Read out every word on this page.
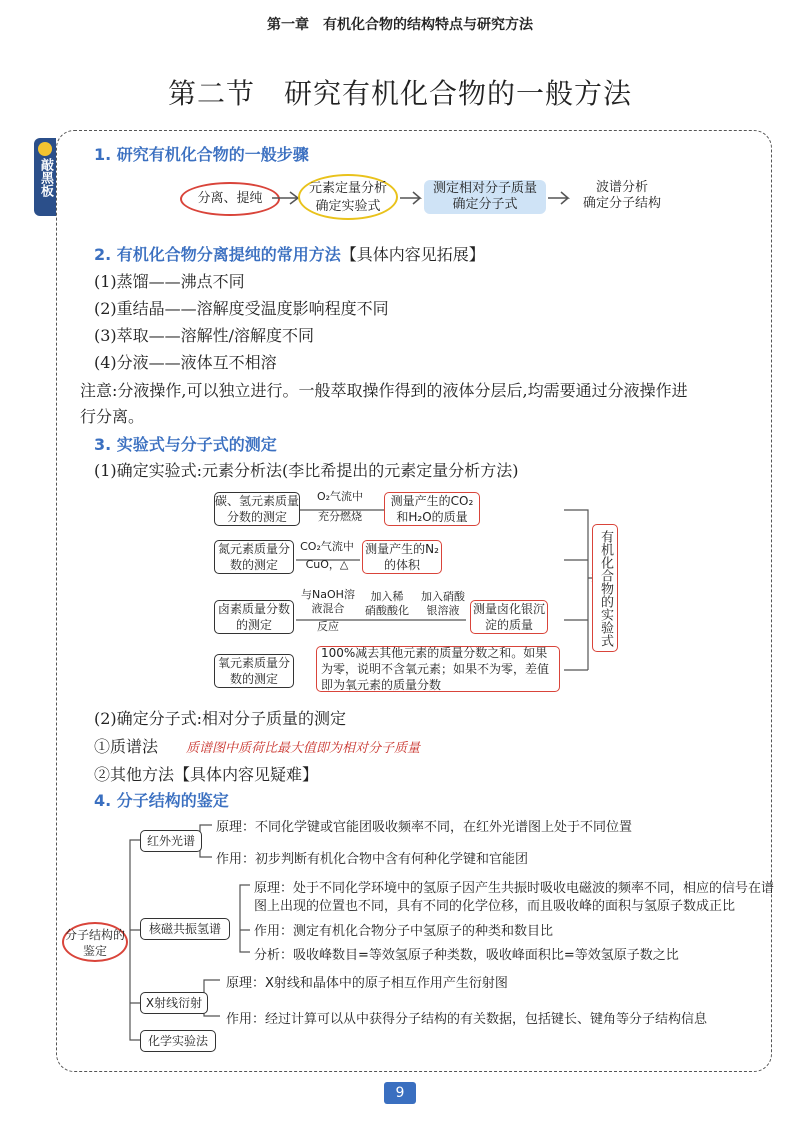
第一章　有机化合物的结构特点与研究方法
第二节　研究有机化合物的一般方法
敲黑板
1. 研究有机化合物的一般步骤
分离、提纯
元素定量分析
确定实验式
测定相对分子质量
确定分子式
波谱分析
确定分子结构
2. 有机化合物分离提纯的常用方法【具体内容见拓展】
(1)蒸馏——沸点不同
(2)重结晶——溶解度受温度影响程度不同
(3)萃取——溶解性/溶解度不同
(4)分液——液体互不相溶
注意:分液操作,可以独立进行。一般萃取操作得到的液体分层后,均需要通过分液操作进
行分离。
3. 实验式与分子式的测定
(1)确定实验式:元素分析法(李比希提出的元素定量分析方法)
碳、氢元素质量分数的测定
O₂气流中
充分燃烧
测量产生的CO₂和H₂O的质量
氮元素质量分数的测定
CO₂气流中
CuO，△
测量产生的N₂的体积
卤素质量分数的测定
与NaOH溶
液混合
反应
加入稀
硝酸酸化
加入硝酸
银溶液	测量卤化银沉淀的质量
氧元素质量分数的测定
100%减去其他元素的质量分数之和。如果为零，说明不含氧元素；如果不为零，差值即为氧元素的质量分数
有机化合物的实验式
(2)确定分子式:相对分子质量的测定
①质谱法 质谱图中质荷比最大值即为相对分子质量
②其他方法【具体内容见疑难】
4. 分子结构的鉴定
分子结构的鉴定
红外光谱
原理：不同化学键或官能团吸收频率不同，在红外光谱图上处于不同位置
作用：初步判断有机化合物中含有何种化学键和官能团
核磁共振氢谱
原理：处于不同化学环境中的氢原子因产生共振时吸收电磁波的频率不同，相应的信号在谱
图上出现的位置也不同，具有不同的化学位移，而且吸收峰的面积与氢原子数成正比
作用：测定有机化合物分子中氢原子的种类和数目比
分析：吸收峰数目=等效氢原子种类数，吸收峰面积比=等效氢原子数之比
X射线衍射
原理：X射线和晶体中的原子相互作用产生衍射图
作用：经过计算可以从中获得分子结构的有关数据，包括键长、键角等分子结构信息
化学实验法
9
